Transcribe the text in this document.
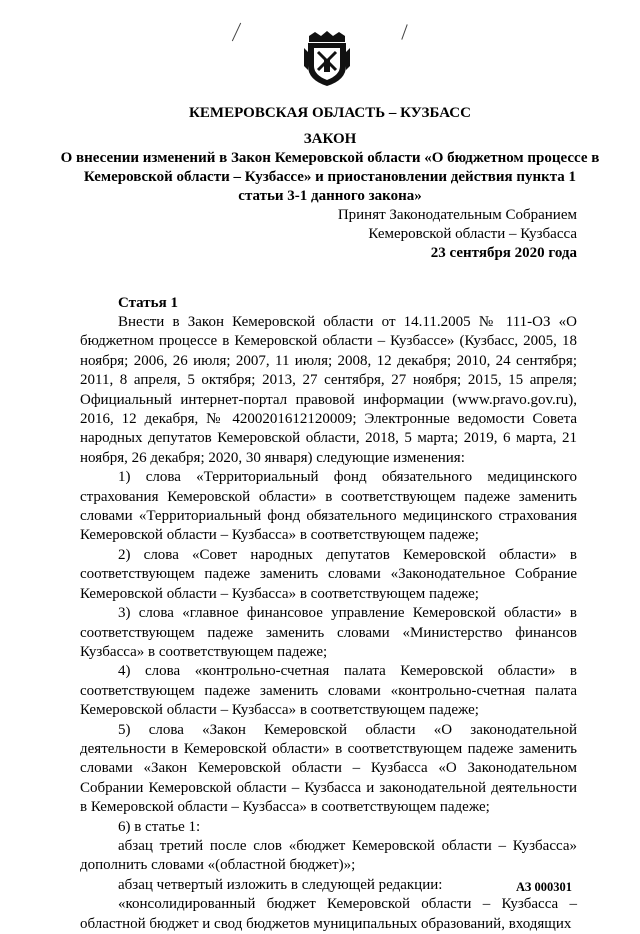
КЕМЕРОВСКАЯ ОБЛАСТЬ – КУЗБАСС
ЗАКОН
О внесении изменений в Закон Кемеровской области «О бюджетном процессе в Кемеровской области – Кузбассе» и приостановлении действия пункта 1 статьи 3-1 данного закона»
Принят Законодательным Собранием
Кемеровской области – Кузбасса
23 сентября 2020 года
Статья 1

Внести в Закон Кемеровской области от 14.11.2005 № 111-ОЗ «О бюджетном процессе в Кемеровской области – Кузбассе» (Кузбасс, 2005, 18 ноября; 2006, 26 июля; 2007, 11 июля; 2008, 12 декабря; 2010, 24 сентября; 2011, 8 апреля, 5 октября; 2013, 27 сентября, 27 ноября; 2015, 15 апреля; Официальный интернет-портал правовой информации (www.pravo.gov.ru), 2016, 12 декабря, № 4200201612120009; Электронные ведомости Совета народных депутатов Кемеровской области, 2018, 5 марта; 2019, 6 марта, 21 ноября, 26 декабря; 2020, 30 января) следующие изменения:

1) слова «Территориальный фонд обязательного медицинского страхования Кемеровской области» в соответствующем падеже заменить словами «Территориальный фонд обязательного медицинского страхования Кемеровской области – Кузбасса» в соответствующем падеже;

2) слова «Совет народных депутатов Кемеровской области» в соответствующем падеже заменить словами «Законодательное Собрание Кемеровской области – Кузбасса» в соответствующем падеже;

3) слова «главное финансовое управление Кемеровской области» в соответствующем падеже заменить словами «Министерство финансов Кузбасса» в соответствующем падеже;

4) слова «контрольно-счетная палата Кемеровской области» в соответствующем падеже заменить словами «контрольно-счетная палата Кемеровской области – Кузбасса» в соответствующем падеже;

5) слова «Закон Кемеровской области «О законодательной деятельности в Кемеровской области» в соответствующем падеже заменить словами «Закон Кемеровской области – Кузбасса «О Законодательном Собрании Кемеровской области – Кузбасса и законодательной деятельности в Кемеровской области – Кузбасса» в соответствующем падеже;

6) в статье 1:

абзац третий после слов «бюджет Кемеровской области – Кузбасса» дополнить словами «(областной бюджет)»;

абзац четвертый изложить в следующей редакции:

«консолидированный бюджет Кемеровской области – Кузбасса – областной бюджет и свод бюджетов муниципальных образований, входящих

АЗ 000301
